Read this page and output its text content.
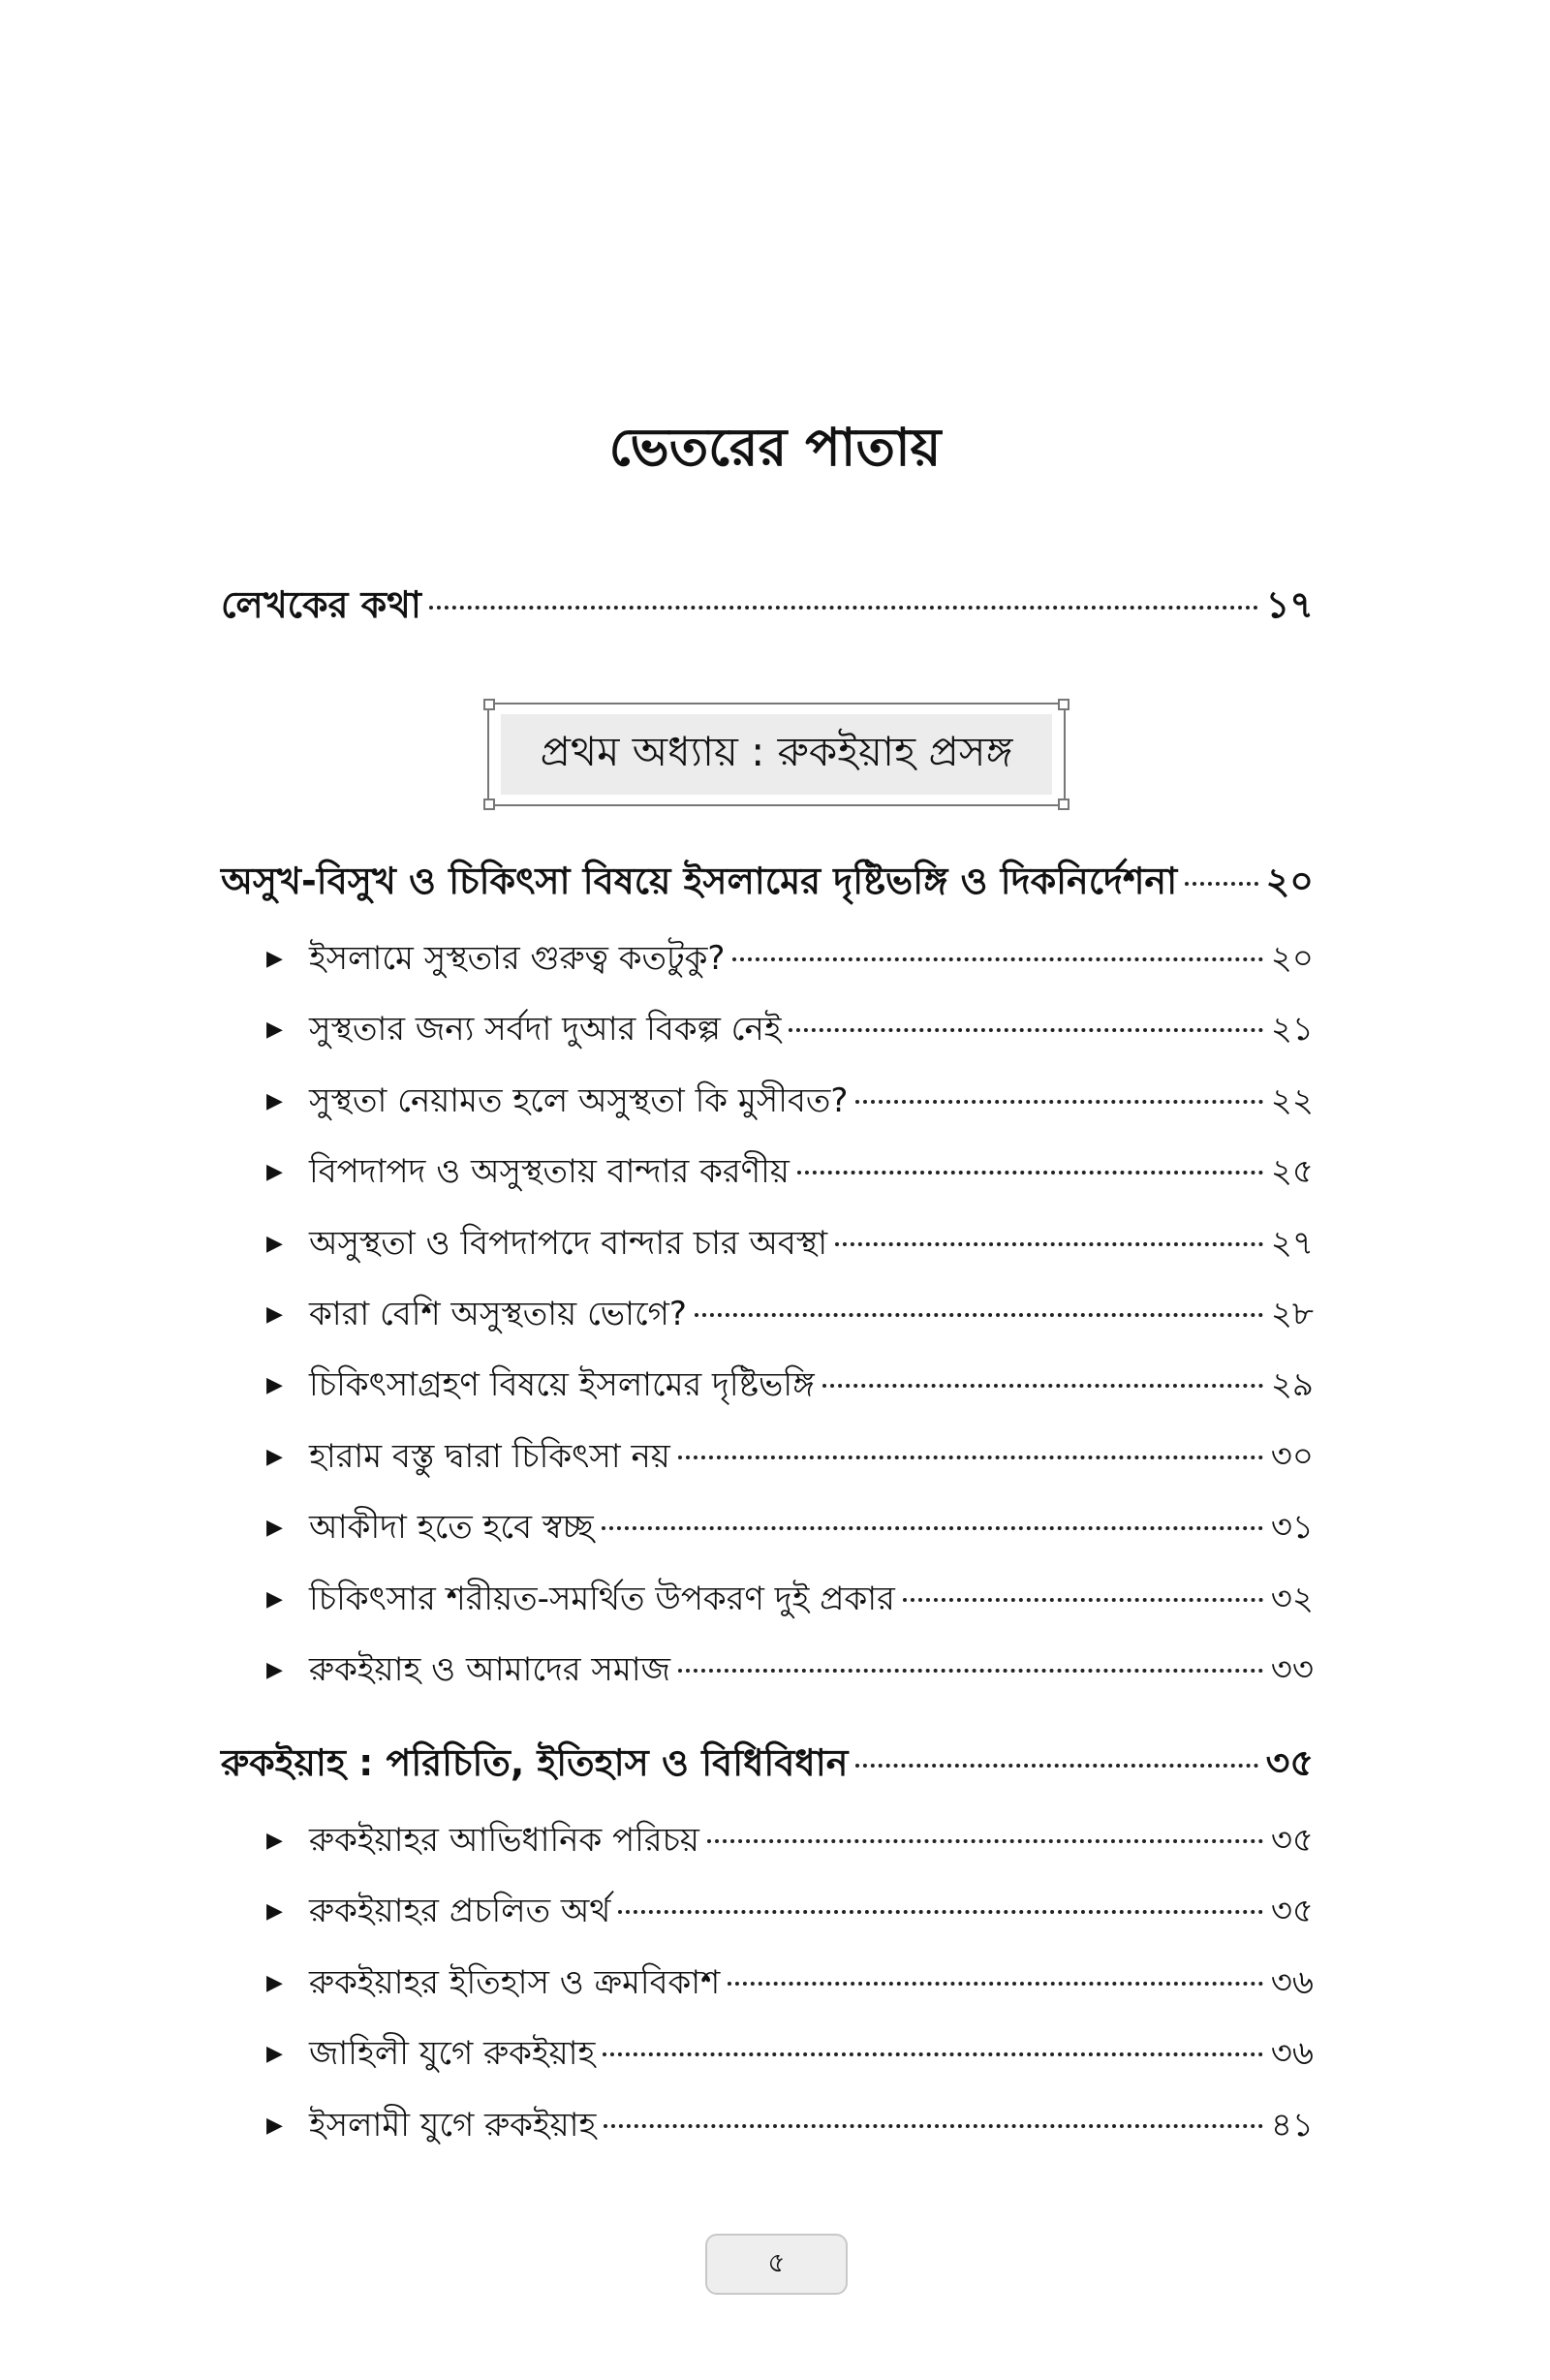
ভেতরের পাতায়
লেখকের কথা	১৭
প্রথম অধ্যায় : রুকইয়াহ প্রসঙ্গ
অসুখ-বিসুখ ও চিকিৎসা বিষয়ে ইসলামের দৃষ্টিভঙ্গি ও দিকনির্দেশনা ২০
▶ ইসলামে সুস্থতার গুরুত্ব কতটুকু?	২০
▶ সুস্থতার জন্য সর্বদা দুআর বিকল্প নেই	২১
▶ সুস্থতা নেয়ামত হলে অসুস্থতা কি মুসীবত?	২২
▶ বিপদাপদ ও অসুস্থতায় বান্দার করণীয়	২৫
▶ অসুস্থতা ও বিপদাপদে বান্দার চার অবস্থা	২৭
▶ কারা বেশি অসুস্থতায় ভোগে?	২৮
▶ চিকিৎসাগ্রহণ বিষয়ে ইসলামের দৃষ্টিভঙ্গি	২৯
▶ হারাম বস্তু দ্বারা চিকিৎসা নয়	৩০
▶ আকীদা হতে হবে স্বচ্ছ	৩১
▶ চিকিৎসার শরীয়ত-সমর্থিত উপকরণ দুই প্রকার	৩২
▶ রুকইয়াহ ও আমাদের সমাজ	৩৩
রুকইয়াহ : পরিচিতি, ইতিহাস ও বিধিবিধান	৩৫
▶ রুকইয়াহর আভিধানিক পরিচয়	৩৫
▶ রুকইয়াহর প্রচলিত অর্থ	৩৫
▶ রুকইয়াহর ইতিহাস ও ক্রমবিকাশ	৩৬
▶ জাহিলী যুগে রুকইয়াহ	৩৬
▶ ইসলামী যুগে রুকইয়াহ	৪১
৫
